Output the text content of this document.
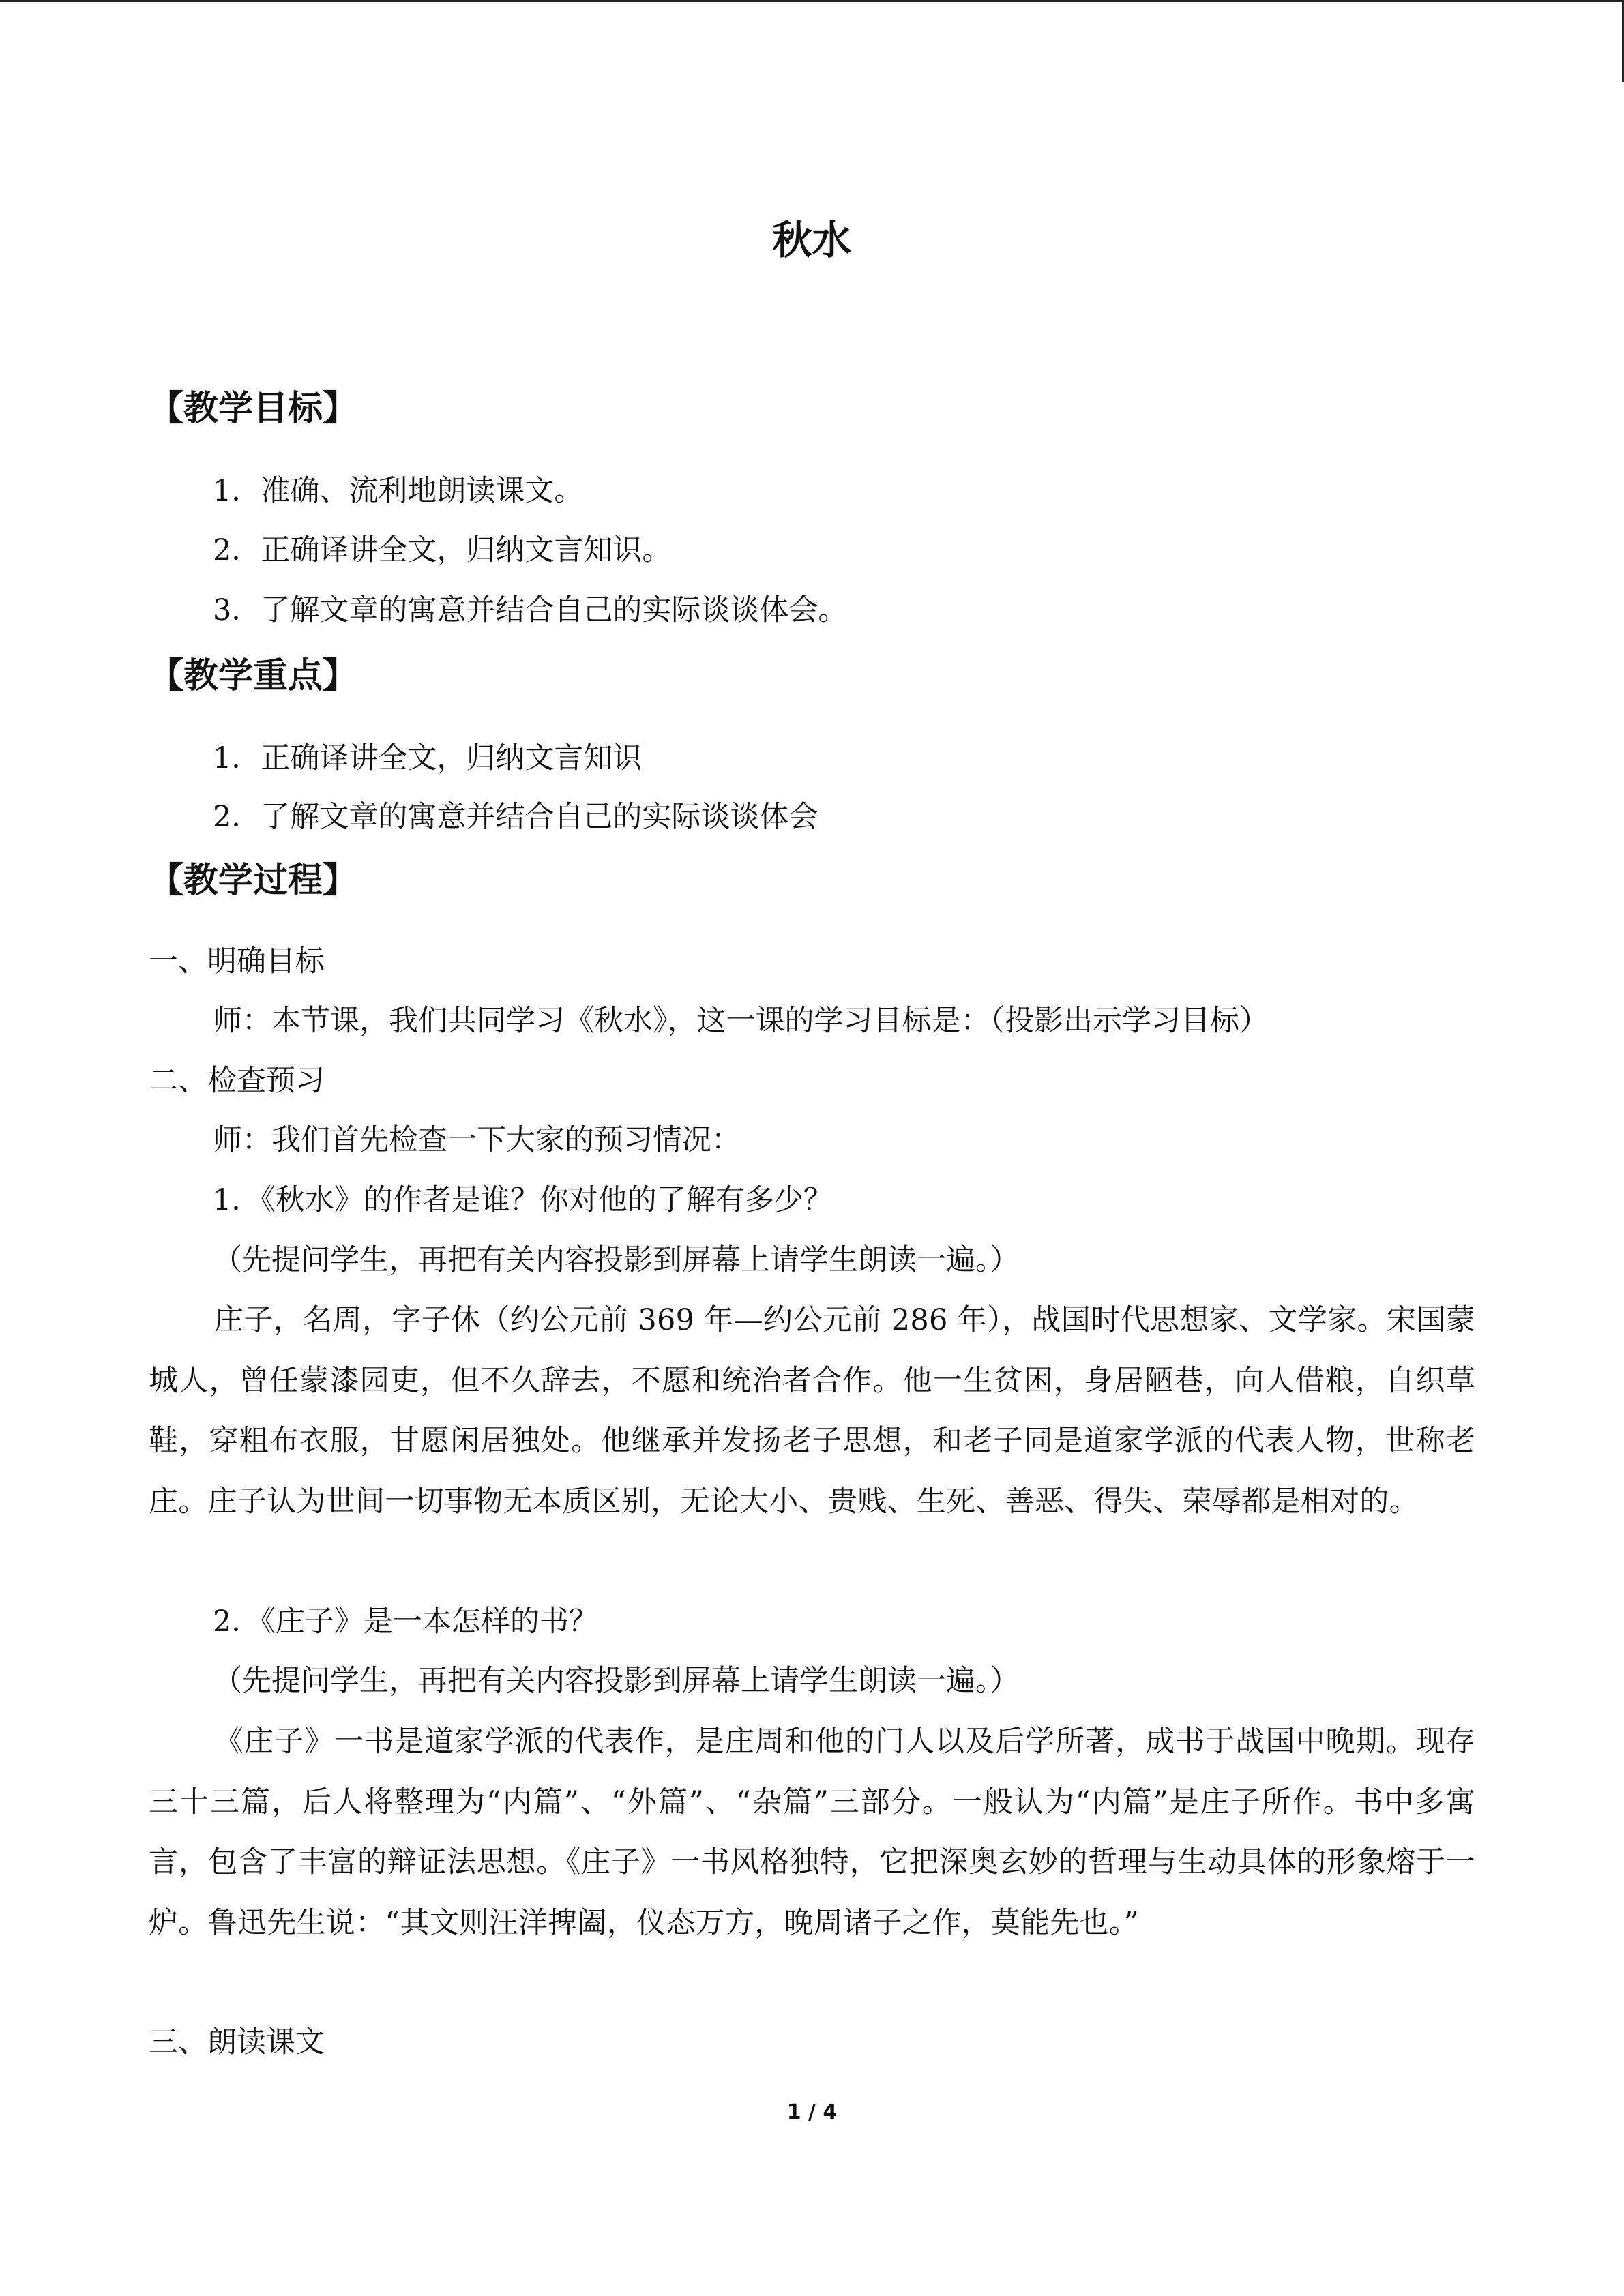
秋水
【教学目标】
1．准确、流利地朗读课文。
2．正确译讲全文，归纳文言知识。
3．了解文章的寓意并结合自己的实际谈谈体会。
【教学重点】
1．正确译讲全文，归纳文言知识
2．了解文章的寓意并结合自己的实际谈谈体会
【教学过程】
一、明确目标
师：本节课，我们共同学习《秋水》，这一课的学习目标是：（投影出示学习目标）
二、检查预习
师：我们首先检查一下大家的预习情况：
1．《秋水》的作者是谁？你对他的了解有多少？
（先提问学生，再把有关内容投影到屏幕上请学生朗读一遍。）
庄子，名周，字子休（约公元前 369 年—约公元前 286 年），战国时代思想家、文学家。宋国蒙城人，曾任蒙漆园吏，但不久辞去，不愿和统治者合作。他一生贫困，身居陋巷，向人借粮，自织草鞋，穿粗布衣服，甘愿闲居独处。他继承并发扬老子思想，和老子同是道家学派的代表人物，世称老庄。庄子认为世间一切事物无本质区别，无论大小、贵贱、生死、善恶、得失、荣辱都是相对的。
2．《庄子》是一本怎样的书？
（先提问学生，再把有关内容投影到屏幕上请学生朗读一遍。）
《庄子》一书是道家学派的代表作，是庄周和他的门人以及后学所著，成书于战国中晚期。现存三十三篇，后人将整理为“内篇”、“外篇”、“杂篇”三部分。一般认为“内篇”是庄子所作。书中多寓言，包含了丰富的辩证法思想。《庄子》一书风格独特，它把深奥玄妙的哲理与生动具体的形象熔于一炉。鲁迅先生说：“其文则汪洋捭阖，仪态万方，晚周诸子之作，莫能先也。”
三、朗读课文
1 / 4
